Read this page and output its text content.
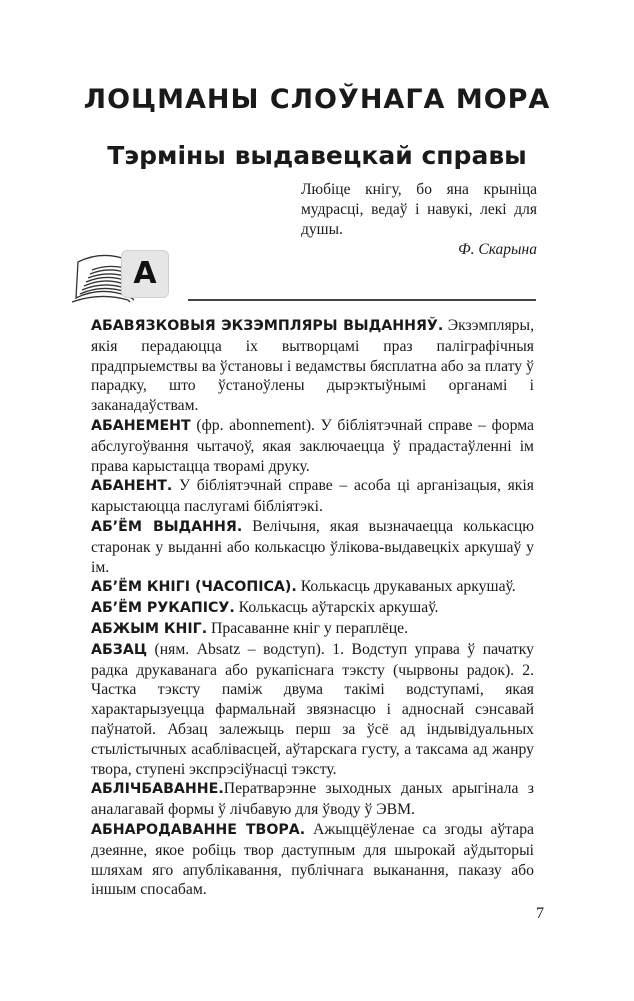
ЛОЦМАНЫ СЛОЎНАГА МОРА
Тэрміны выдавецкай справы
Любіце кнігу, бо яна крыніца мудрасці, ведаў і навукі, лекі для душы.
Ф. Скарына
А

АБАВЯЗКОВЫЯ ЭКЗЭМПЛЯРЫ ВЫДАННЯЎ. Экзэмпляры, якія перадаюцца іх вытворцамі праз паліграфічныя прадпрыемствы ва ўстановы і ведамствы бясплатна або за плату ў парадку, што ўстаноўлены дырэктыўнымі органамі і заканадаўствам.

АБАНЕМЕНТ (фр. abonnement). У бібліятэчнай справе – форма абслугоўвання чытачоў, якая заключаецца ў прадастаўленні ім права карыстацца творамі друку.

АБАНЕНТ. У бібліятэчнай справе – асоба ці арганізацыя, якія карыстаюцца паслугамі бібліятэкі.

АБ’ЁМ ВЫДАННЯ. Велічыня, якая вызначаецца колькасцю старонак у выданні або колькасцю ўлікова-выдавецкіх аркушаў у ім.

АБ’ЁМ КНІГІ (ЧАСОПІСА). Колькасць друкаваных аркушаў.

АБ’ЁМ РУКАПІСУ. Колькасць аўтарскіх аркушаў.

АБЖЫМ КНІГ. Прасаванне кніг у пераплёце.

АБЗАЦ (ням. Absatz – водступ). 1. Водступ управа ў пачатку радка друкаванага або рукапіснага тэксту (чырвоны радок). 2. Частка тэксту паміж двума такімі водступамі, якая характарызуецца фармальнай звязнасцю і адноснай сэнсавай паўнатой. Абзац залежыць перш за ўсё ад індывідуальных стылістычных асаблівасцей, аўтарскага густу, а таксама ад жанру твора, ступені экспрэсіўнасці тэксту.

АБЛІЧБАВАННЕ.Ператварэнне зыходных даных арыгінала з аналагавай формы ў лічбавую для ўводу ў ЭВМ.

АБНАРОДАВАННЕ ТВОРА. Ажыццёўленае са згоды аўтара дзеянне, якое робіць твор даступным для шырокай аўдыторыі шляхам яго апублікавання, публічнага выканання, паказу або іншым спосабам.

7
